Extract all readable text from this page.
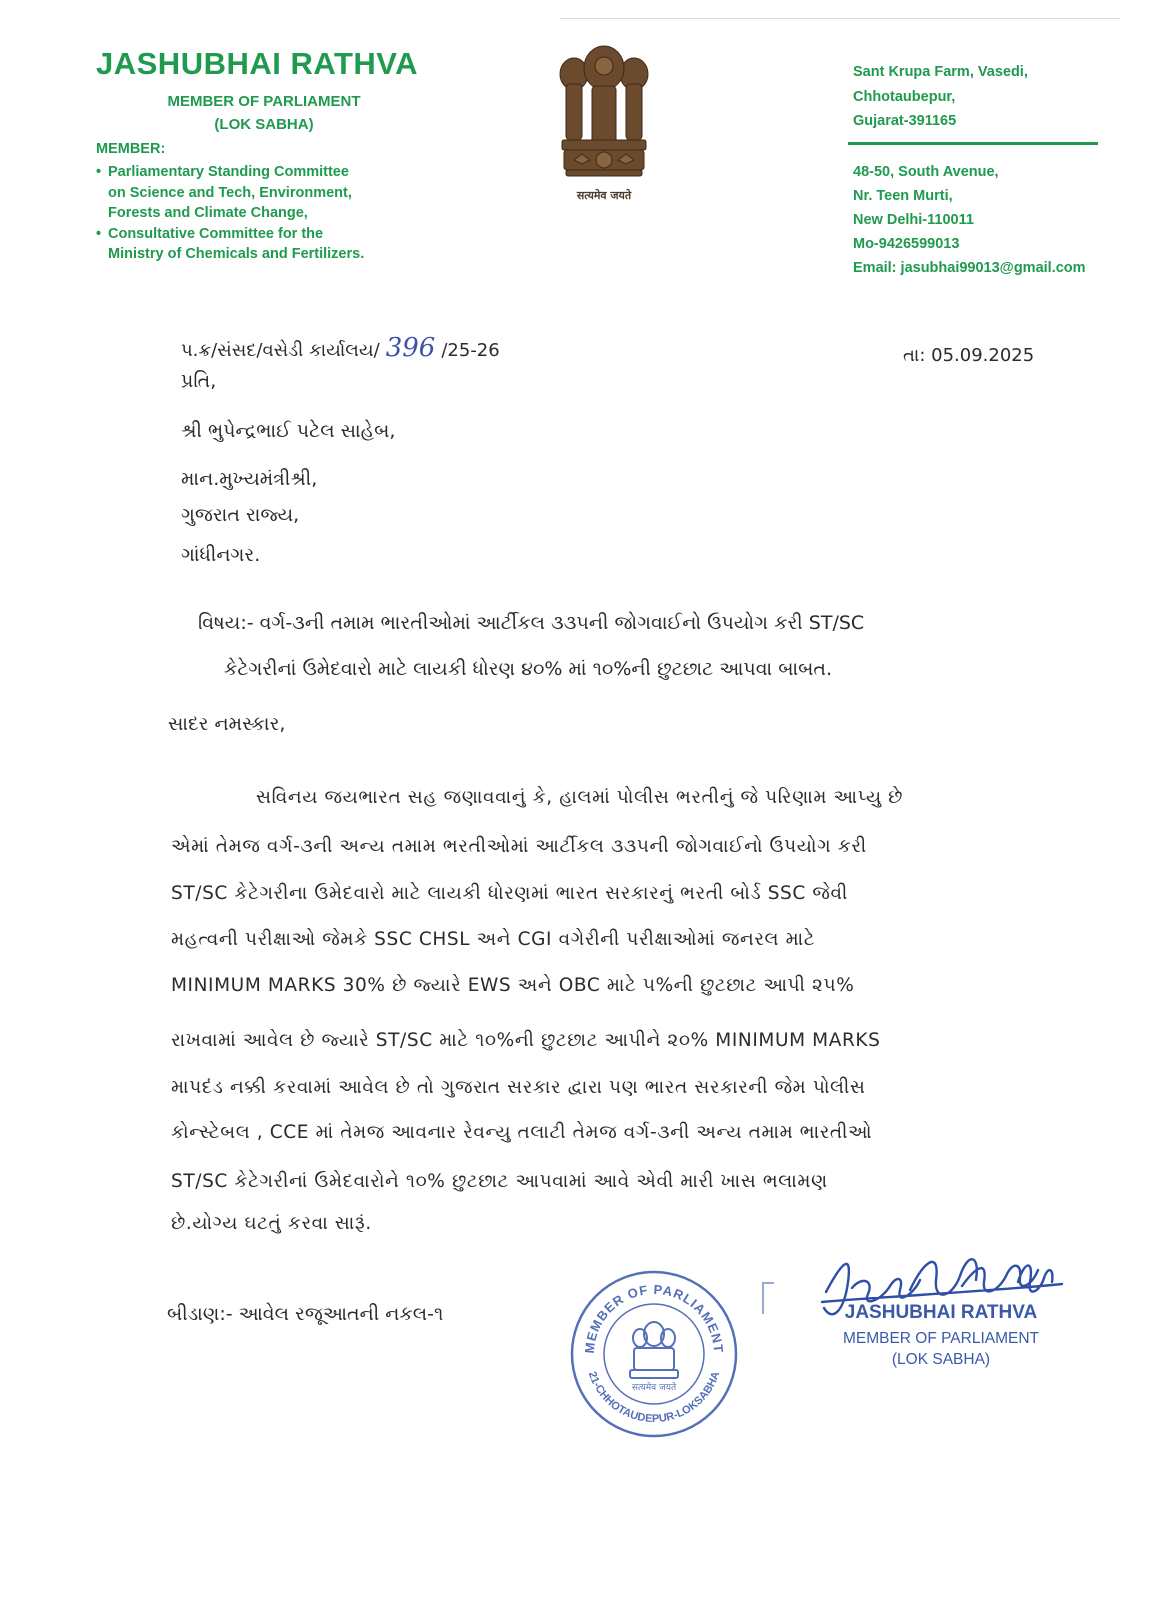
JASHUBHAI RATHVA
MEMBER OF PARLIAMENT
(LOK SABHA)
MEMBER:
• Parliamentary Standing Committee
on Science and Tech, Environment,
Forests and Climate Change,
• Consultative Committee for the
Ministry of Chemicals and Fertilizers.
सत्यमेव जयते
Sant Krupa Farm, Vasedi,
Chhotaubepur,
Gujarat-391165
48-50, South Avenue,
Nr. Teen Murti,
New Delhi-110011
Mo-9426599013
Email: jasubhai99013@gmail.com
પ.ક્ર/સંસદ/વસેડી કાર્યાલય/ 396 /25-26	તા: 05.09.2025
પ્રતિ,
શ્રી ભુપેન્દ્રભાઈ પટેલ સાહેબ,
માન.મુખ્યમંત્રીશ્રી,
ગુજરાત રાજ્ય,
ગાંધીનગર.
વિષય:- વર્ગ-૩ની તમામ ભારતીઓમાં આર્ટીકલ ૩૩૫ની જોગવાઈનો ઉપયોગ કરી ST/SC
કેટેગરીનાં ઉમેદવારો માટે લાયકી ધોરણ ૪૦% માં ૧૦%ની છુટછાટ આપવા બાબત.
સાદર નમસ્કાર,
સવિનય જયભારત સહ જણાવવાનું કે, હાલમાં પોલીસ ભરતીનું જે પરિણામ આપ્યુ છે
એમાં તેમજ વર્ગ-૩ની અન્ય તમામ ભરતીઓમાં આર્ટીકલ ૩૩૫ની જોગવાઈનો ઉપયોગ કરી
ST/SC કેટેગરીના ઉમેદવારો માટે લાયકી ધોરણમાં ભારત સરકારનું ભરતી બોર્ડ SSC જેવી
મહત્વની પરીક્ષાઓ જેમકે SSC CHSL અને CGI વગેરીની પરીક્ષાઓમાં જનરલ માટે
MINIMUM MARKS 30% છે જ્યારે EWS અને OBC માટે ૫%ની છુટછાટ આપી ૨૫%
રાખવામાં આવેલ છે જ્યારે ST/SC માટે ૧૦%ની છુટછાટ આપીને ૨૦% MINIMUM MARKS
માપદંડ નક્કી કરવામાં આવેલ છે તો ગુજરાત સરકાર દ્વારા પણ ભારત સરકારની જેમ પોલીસ
કોન્સ્ટેબલ , CCE માં તેમજ આવનાર રેવન્યુ તલાટી તેમજ વર્ગ-૩ની અન્ય તમામ ભારતીઓ
ST/SC કેટેગરીનાં ઉમેદવારોને ૧૦% છુટછાટ આપવામાં આવે એવી મારી ખાસ ભલામણ
છે.યોગ્ય ઘટતું કરવા સારૂં.
બીડાણ:- આવેલ રજૂઆતની નકલ-૧
MEMBER OF PARLIAMENT
21-CHHOTAUDEPUR-LOKSABHA
सत्यमेव जयते
JASHUBHAI RATHVA
MEMBER OF PARLIAMENT
(LOK SABHA)
